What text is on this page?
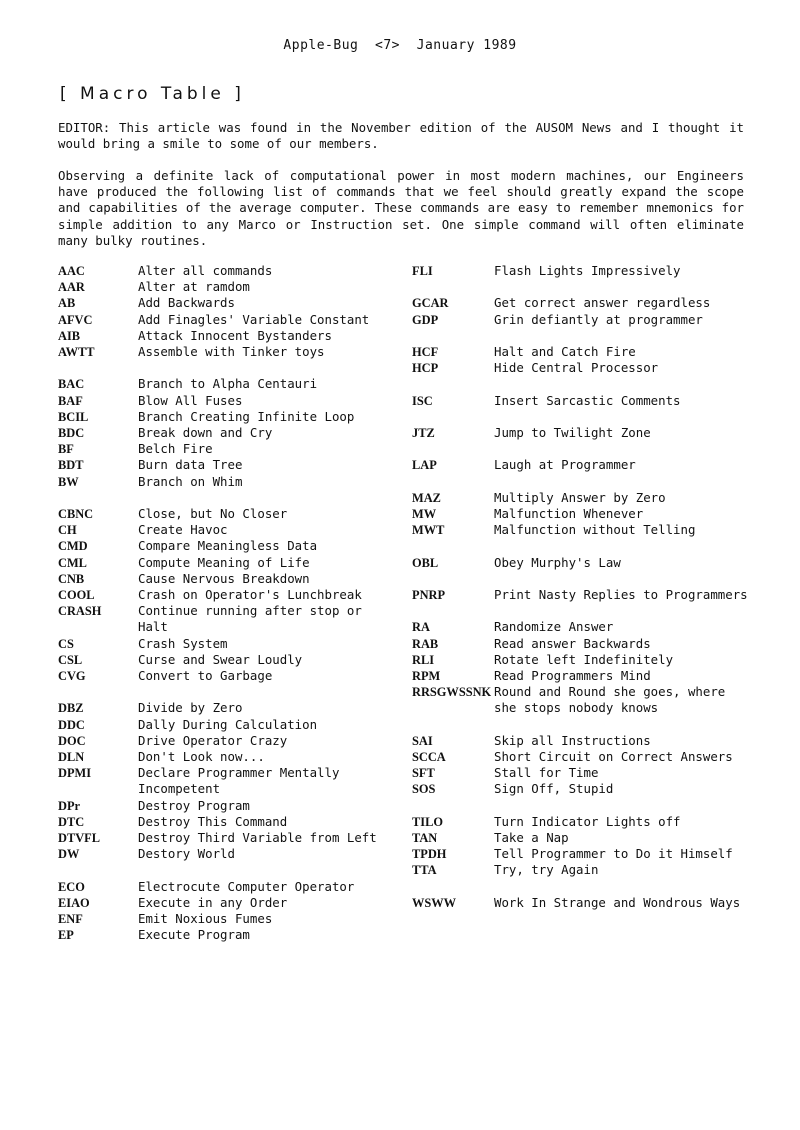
Apple-Bug  <7>  January 1989
[ Macro Table ]

EDITOR: This article was found in the November edition of the AUSOM News and I thought it would bring a smile to some of our members.

Observing a definite lack of computational power in most modern machines, our Engineers have produced the following list of commands that we feel should greatly expand the scope and capabilities of the average computer. These commands are easy to remember mnemonics for simple addition to any Marco or Instruction set. One simple command will often eliminate many bulky routines.

AAC	Alter all commands
AAR	Alter at ramdom
AB	Add Backwards
AFVC	Add Finagles' Variable Constant
AIB	Attack Innocent Bystanders
AWTT	Assemble with Tinker toys
BAC	Branch to Alpha Centauri
BAF	Blow All Fuses
BCIL	Branch Creating Infinite Loop
BDC	Break down and Cry
BF	Belch Fire
BDT	Burn data Tree
BW	Branch on Whim
CBNC	Close, but No Closer
CH	Create Havoc
CMD	Compare Meaningless Data
CML	Compute Meaning of Life
CNB	Cause Nervous Breakdown
COOL	Crash on Operator's Lunchbreak
CRASH	Continue running after stop or Halt
CS	Crash System
CSL	Curse and Swear Loudly
CVG	Convert to Garbage
DBZ	Divide by Zero
DDC	Dally During Calculation
DOC	Drive Operator Crazy
DLN	Don't Look now...
DPMI	Declare Programmer Mentally Incompetent
DPr	Destroy Program
DTC	Destroy This Command
DTVFL	Destroy Third Variable from Left
DW	Destory World
ECO	Electrocute Computer Operator
EIAO	Execute in any Order
ENF	Emit Noxious Fumes
EP	Execute Program
FLI	Flash Lights Impressively
GCAR	Get correct answer regardless
GDP	Grin defiantly at programmer
HCF	Halt and Catch Fire
HCP	Hide Central Processor
ISC	Insert Sarcastic Comments
JTZ	Jump to Twilight Zone
LAP	Laugh at Programmer
MAZ	Multiply Answer by Zero
MW	Malfunction Whenever
MWT	Malfunction without Telling
OBL	Obey Murphy's Law
PNRP	Print Nasty Replies to Programmers
RA	Randomize Answer
RAB	Read answer Backwards
RLI	Rotate left Indefinitely
RPM	Read Programmers Mind
RRSGWSSNK Round and Round she goes, where she stops nobody knows
SAI	Skip all Instructions
SCCA	Short Circuit on Correct Answers
SFT	Stall for Time
SOS	Sign Off, Stupid
TILO	Turn Indicator Lights off
TAN	Take a Nap
TPDH	Tell Programmer to Do it Himself
TTA	Try, try Again
WSWW	Work In Strange and Wondrous Ways
